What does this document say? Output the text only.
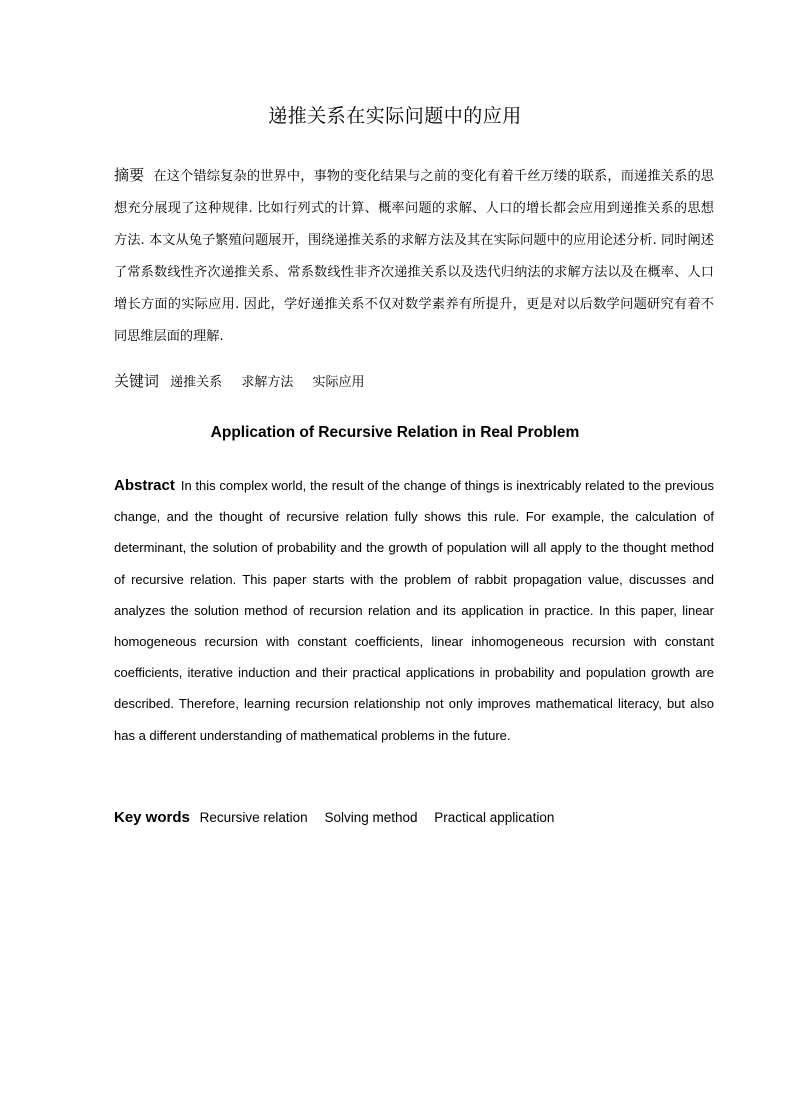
递推关系在实际问题中的应用
摘要 在这个错综复杂的世界中，事物的变化结果与之前的变化有着千丝万缕的联系，而递推关系的思想充分展现了这种规律. 比如行列式的计算、概率问题的求解、人口的增长都会应用到递推关系的思想方法. 本文从兔子繁殖问题展开，围绕递推关系的求解方法及其在实际问题中的应用论述分析. 同时阐述了常系数线性齐次递推关系、常系数线性非齐次递推关系以及迭代归纳法的求解方法以及在概率、人口增长方面的实际应用. 因此，学好递推关系不仅对数学素养有所提升，更是对以后数学问题研究有着不同思维层面的理解.
关键词 递推关系 求解方法 实际应用
Application of Recursive Relation in Real Problem
Abstract In this complex world, the result of the change of things is inextricably related to the previous change, and the thought of recursive relation fully shows this rule. For example, the calculation of determinant, the solution of probability and the growth of population will all apply to the thought method of recursive relation. This paper starts with the problem of rabbit propagation value, discusses and analyzes the solution method of recursion relation and its application in practice. In this paper, linear homogeneous recursion with constant coefficients, linear inhomogeneous recursion with constant coefficients, iterative induction and their practical applications in probability and population growth are described. Therefore, learning recursion relationship not only improves mathematical literacy, but also has a different understanding of mathematical problems in the future.
Key words Recursive relation Solving method Practical application
